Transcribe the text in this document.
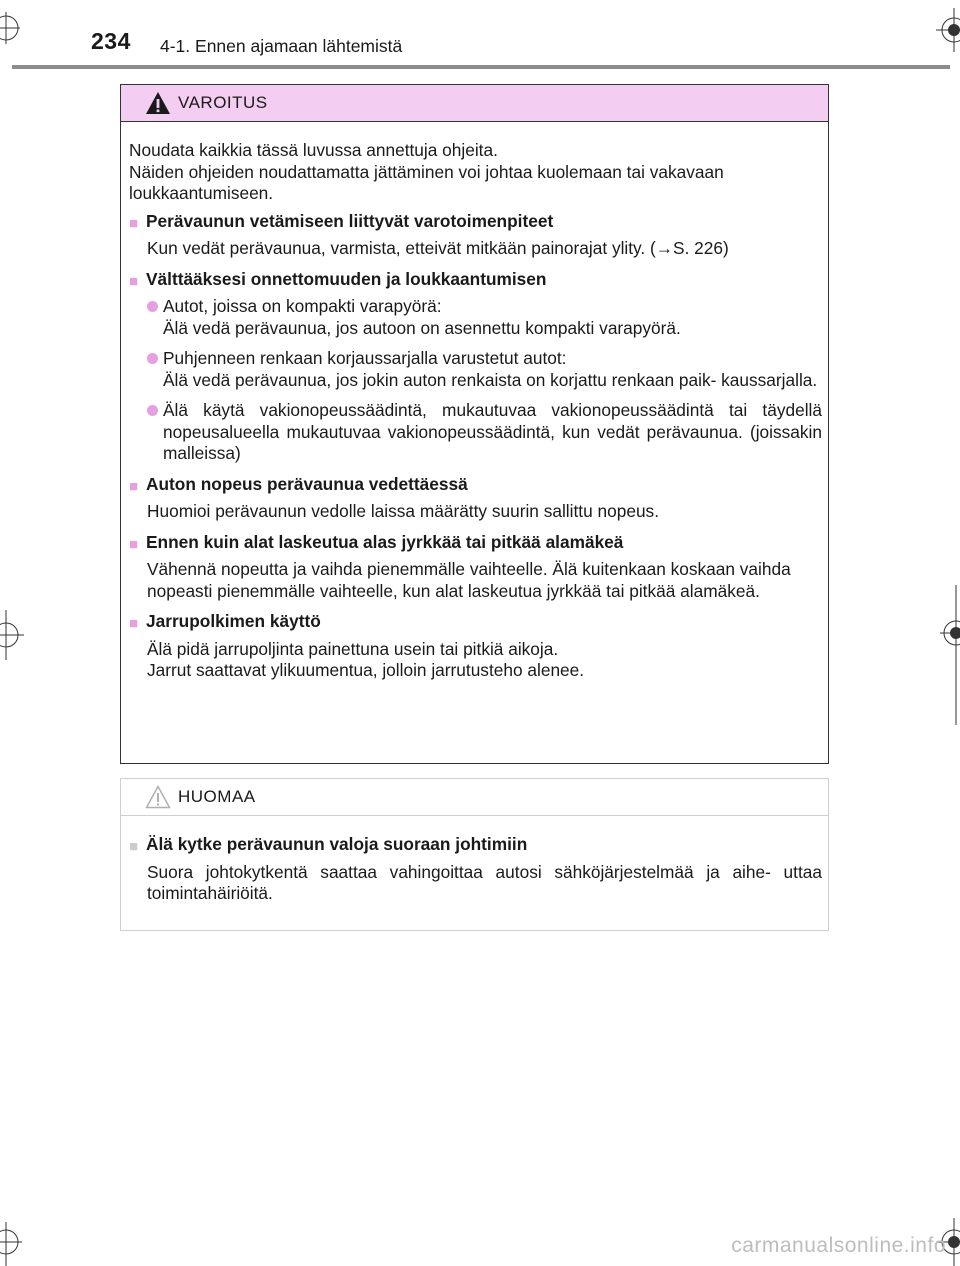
234 4-1. Ennen ajamaan lähtemistä
VAROITUS

Noudata kaikkia tässä luvussa annettuja ohjeita.
Näiden ohjeiden noudattamatta jättäminen voi johtaa kuolemaan tai vakavaan loukkaantumiseen.

■ Perävaunun vetämiseen liittyvät varotoimenpiteet

Kun vedät perävaunua, varmista, etteivät mitkään painorajat ylity. (→S. 226)

■ Välttääksesi onnettomuuden ja loukkaantumisen

Autot, joissa on kompakti varapyörä:

Älä vedä perävaunua, jos autoon on asennettu kompakti varapyörä.

Puhjenneen renkaan korjaussarjalla varustetut autot:

Älä vedä perävaunua, jos jokin auton renkaista on korjattu renkaan paik- kaussarjalla.

Älä käytä vakionopeussäädintä, mukautuvaa vakionopeussäädintä tai täydellä nopeusalueella mukautuvaa vakionopeussäädintä, kun vedät perävaunua. (joissakin malleissa)

■ Auton nopeus perävaunua vedettäessä

Huomioi perävaunun vedolle laissa määrätty suurin sallittu nopeus.

■ Ennen kuin alat laskeutua alas jyrkkää tai pitkää alamäkeä

Vähennä nopeutta ja vaihda pienemmälle vaihteelle. Älä kuitenkaan koskaan vaihda nopeasti pienemmälle vaihteelle, kun alat laskeutua jyrkkää tai pitkää alamäkeä.

■ Jarrupolkimen käyttö

Älä pidä jarrupoljinta painettuna usein tai pitkiä aikoja.

Jarrut saattavat ylikuumentua, jolloin jarrutusteho alenee.

HUOMAA
■ Älä kytke perävaunun valoja suoraan johtimiin

Suora johtokytkentä saattaa vahingoittaa autosi sähköjärjestelmää ja aihe- uttaa toimintahäiriöitä.

carmanualsonline.info
